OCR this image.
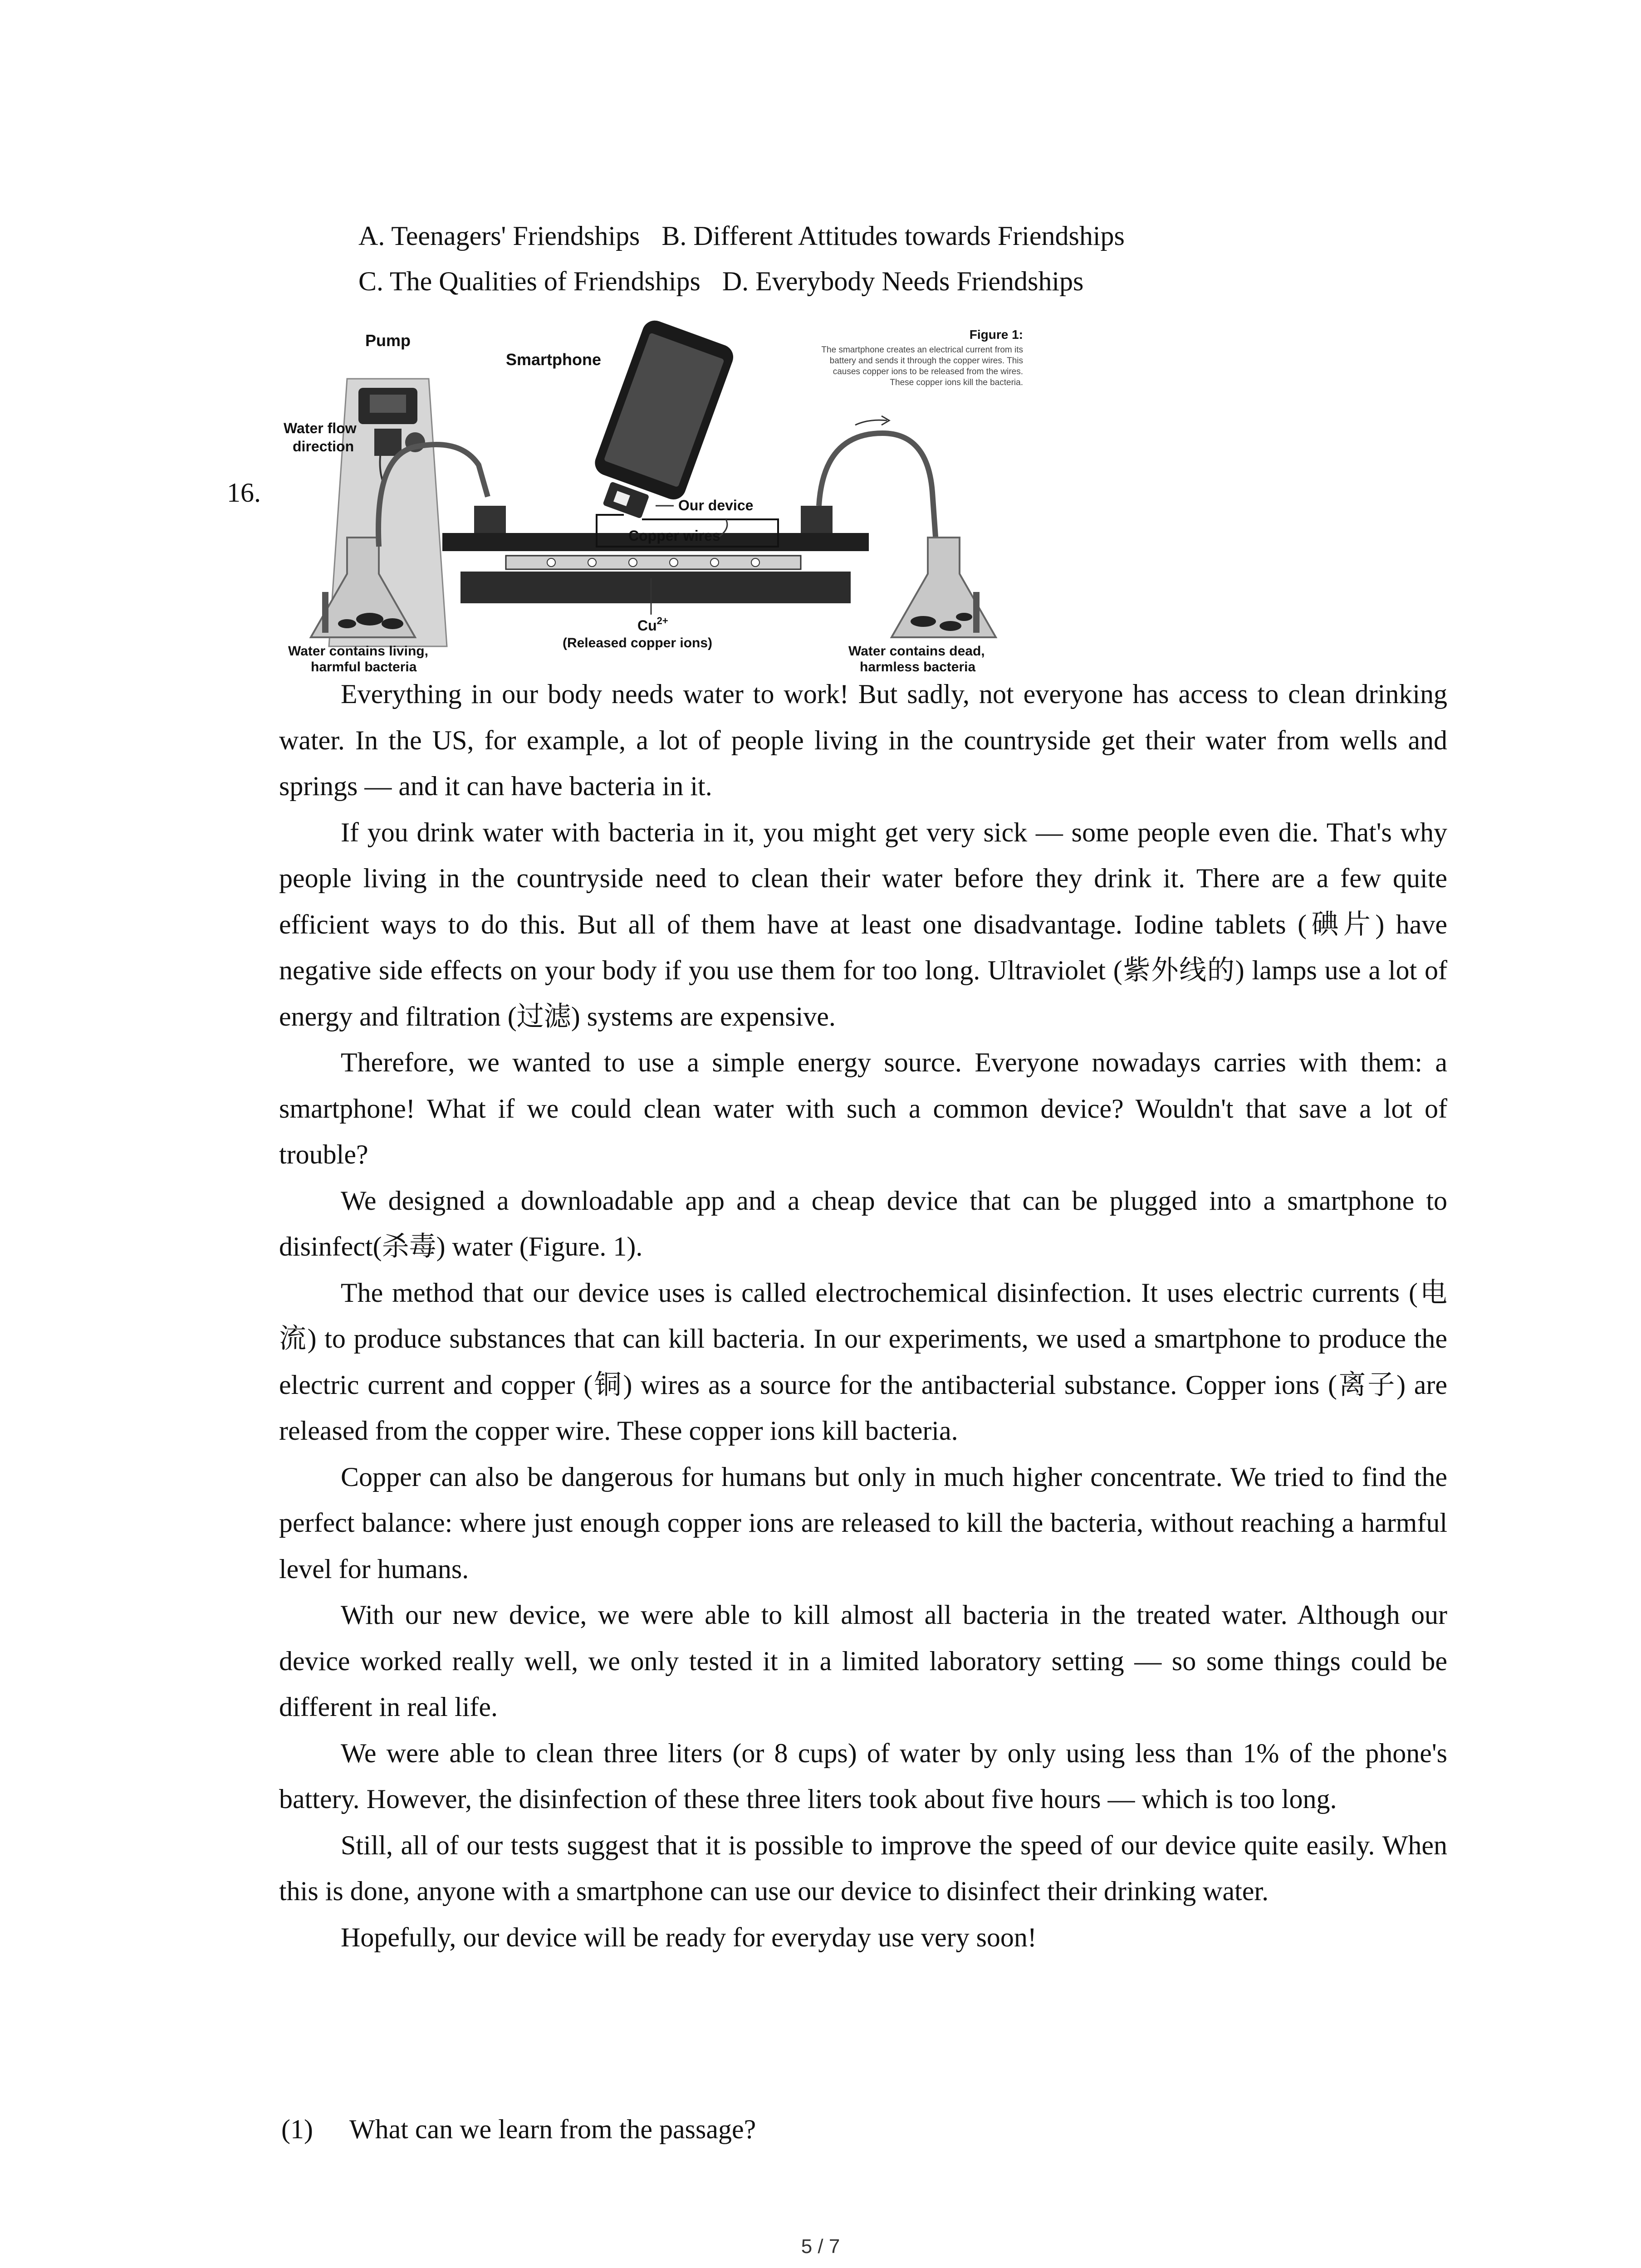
A. Teenagers' Friendships B. Different Attitudes towards Friendships
C. The Qualities of Friendships D. Everybody Needs Friendships
16.
Pump
Water flow
direction
Water contains living,
harmful bacteria
Smartphone
Figure 1:
The smartphone creates an electrical current from its
battery and sends it through the copper wires. This
causes copper ions to be released from the wires.
These copper ions kill the bacteria.
Our device
Copper wires
$Cu^{2+}$
(Released copper ions)
Water contains dead,
harmless bacteria

Everything in our body needs water to work! But sadly, not everyone has access to clean drinking water. In the US, for example, a lot of people living in the countryside get their water from wells and springs — and it can have bacteria in it.

If you drink water with bacteria in it, you might get very sick — some people even die. That's why people living in the countryside need to clean their water before they drink it. There are a few quite efficient ways to do this. But all of them have at least one disadvantage. Iodine tablets (碘片) have negative side effects on your body if you use them for too long. Ultraviolet (紫外线的) lamps use a lot of energy and filtration (过滤) systems are expensive.

Therefore, we wanted to use a simple energy source. Everyone nowadays carries with them: a smartphone! What if we could clean water with such a common device? Wouldn't that save a lot of trouble?

We designed a downloadable app and a cheap device that can be plugged into a smartphone to disinfect(杀毒) water (Figure. 1).

The method that our device uses is called electrochemical disinfection. It uses electric currents (电流) to produce substances that can kill bacteria. In our experiments, we used a smartphone to produce the electric current and copper (铜) wires as a source for the antibacterial substance. Copper ions (离子) are released from the copper wire. These copper ions kill bacteria.

Copper can also be dangerous for humans but only in much higher concentrate. We tried to find the perfect balance: where just enough copper ions are released to kill the bacteria, without reaching a harmful level for humans.

With our new device, we were able to kill almost all bacteria in the treated water. Although our device worked really well, we only tested it in a limited laboratory setting — so some things could be different in real life.

We were able to clean three liters (or 8 cups) of water by only using less than 1% of the phone's battery. However, the disinfection of these three liters took about five hours — which is too long.

Still, all of our tests suggest that it is possible to improve the speed of our device quite easily. When this is done, anyone with a smartphone can use our device to disinfect their drinking water.

Hopefully, our device will be ready for everyday use very soon!

(1) What can we learn from the passage?
5 / 7
